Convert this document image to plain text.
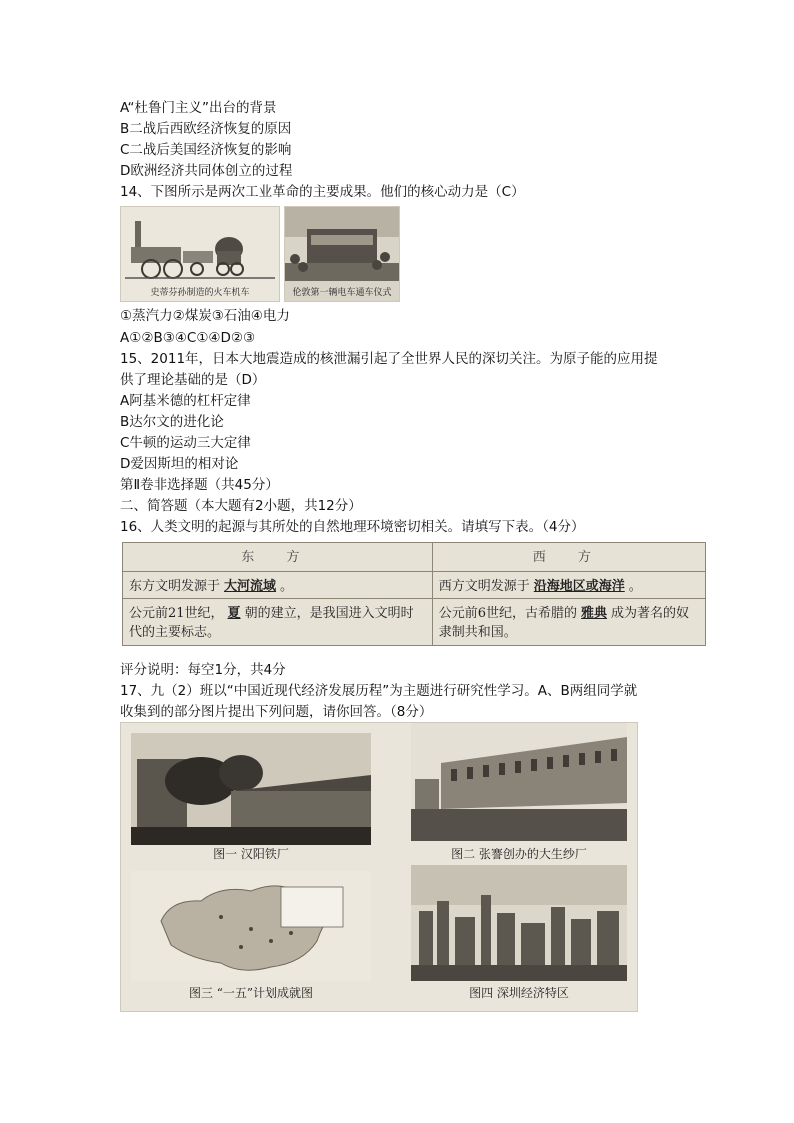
A“杜鲁门主义”出台的背景
B二战后西欧经济恢复的原因
C二战后美国经济恢复的影响
D欧洲经济共同体创立的过程
14、下图所示是两次工业革命的主要成果。他们的核心动力是（C）
史蒂芬孙制造的火车机车	伦敦第一辆电车通车仪式
①蒸汽力②煤炭③石油④电力
A①②B③④C①④D②③
15、2011年，日本大地震造成的核泄漏引起了全世界人民的深切关注。为原子能的应用提
供了理论基础的是（D）
A阿基米德的杠杆定律
B达尔文的进化论
C牛顿的运动三大定律
D爱因斯坦的相对论
第Ⅱ卷非选择题（共45分）
二、简答题（本大题有2小题，共12分）
16、人类文明的起源与其所处的自然地理环境密切相关。请填写下表。（4分）
东 方	西 方
东方文明发源于 大河流域 。	西方文明发源于 沿海地区或海洋 。
公元前21世纪， 夏 朝的建立，是我国进入文明时代的主要标志。	公元前6世纪，古希腊的 雅典 成为著名的奴隶制共和国。
评分说明：每空1分，共4分
17、九（2）班以“中国近现代经济发展历程”为主题进行研究性学习。A、B两组同学就
收集到的部分图片提出下列问题，请你回答。（8分）
图一 汉阳铁厂	图二 张謇创办的大生纱厂
图三 “一五”计划成就图	图四 深圳经济特区
